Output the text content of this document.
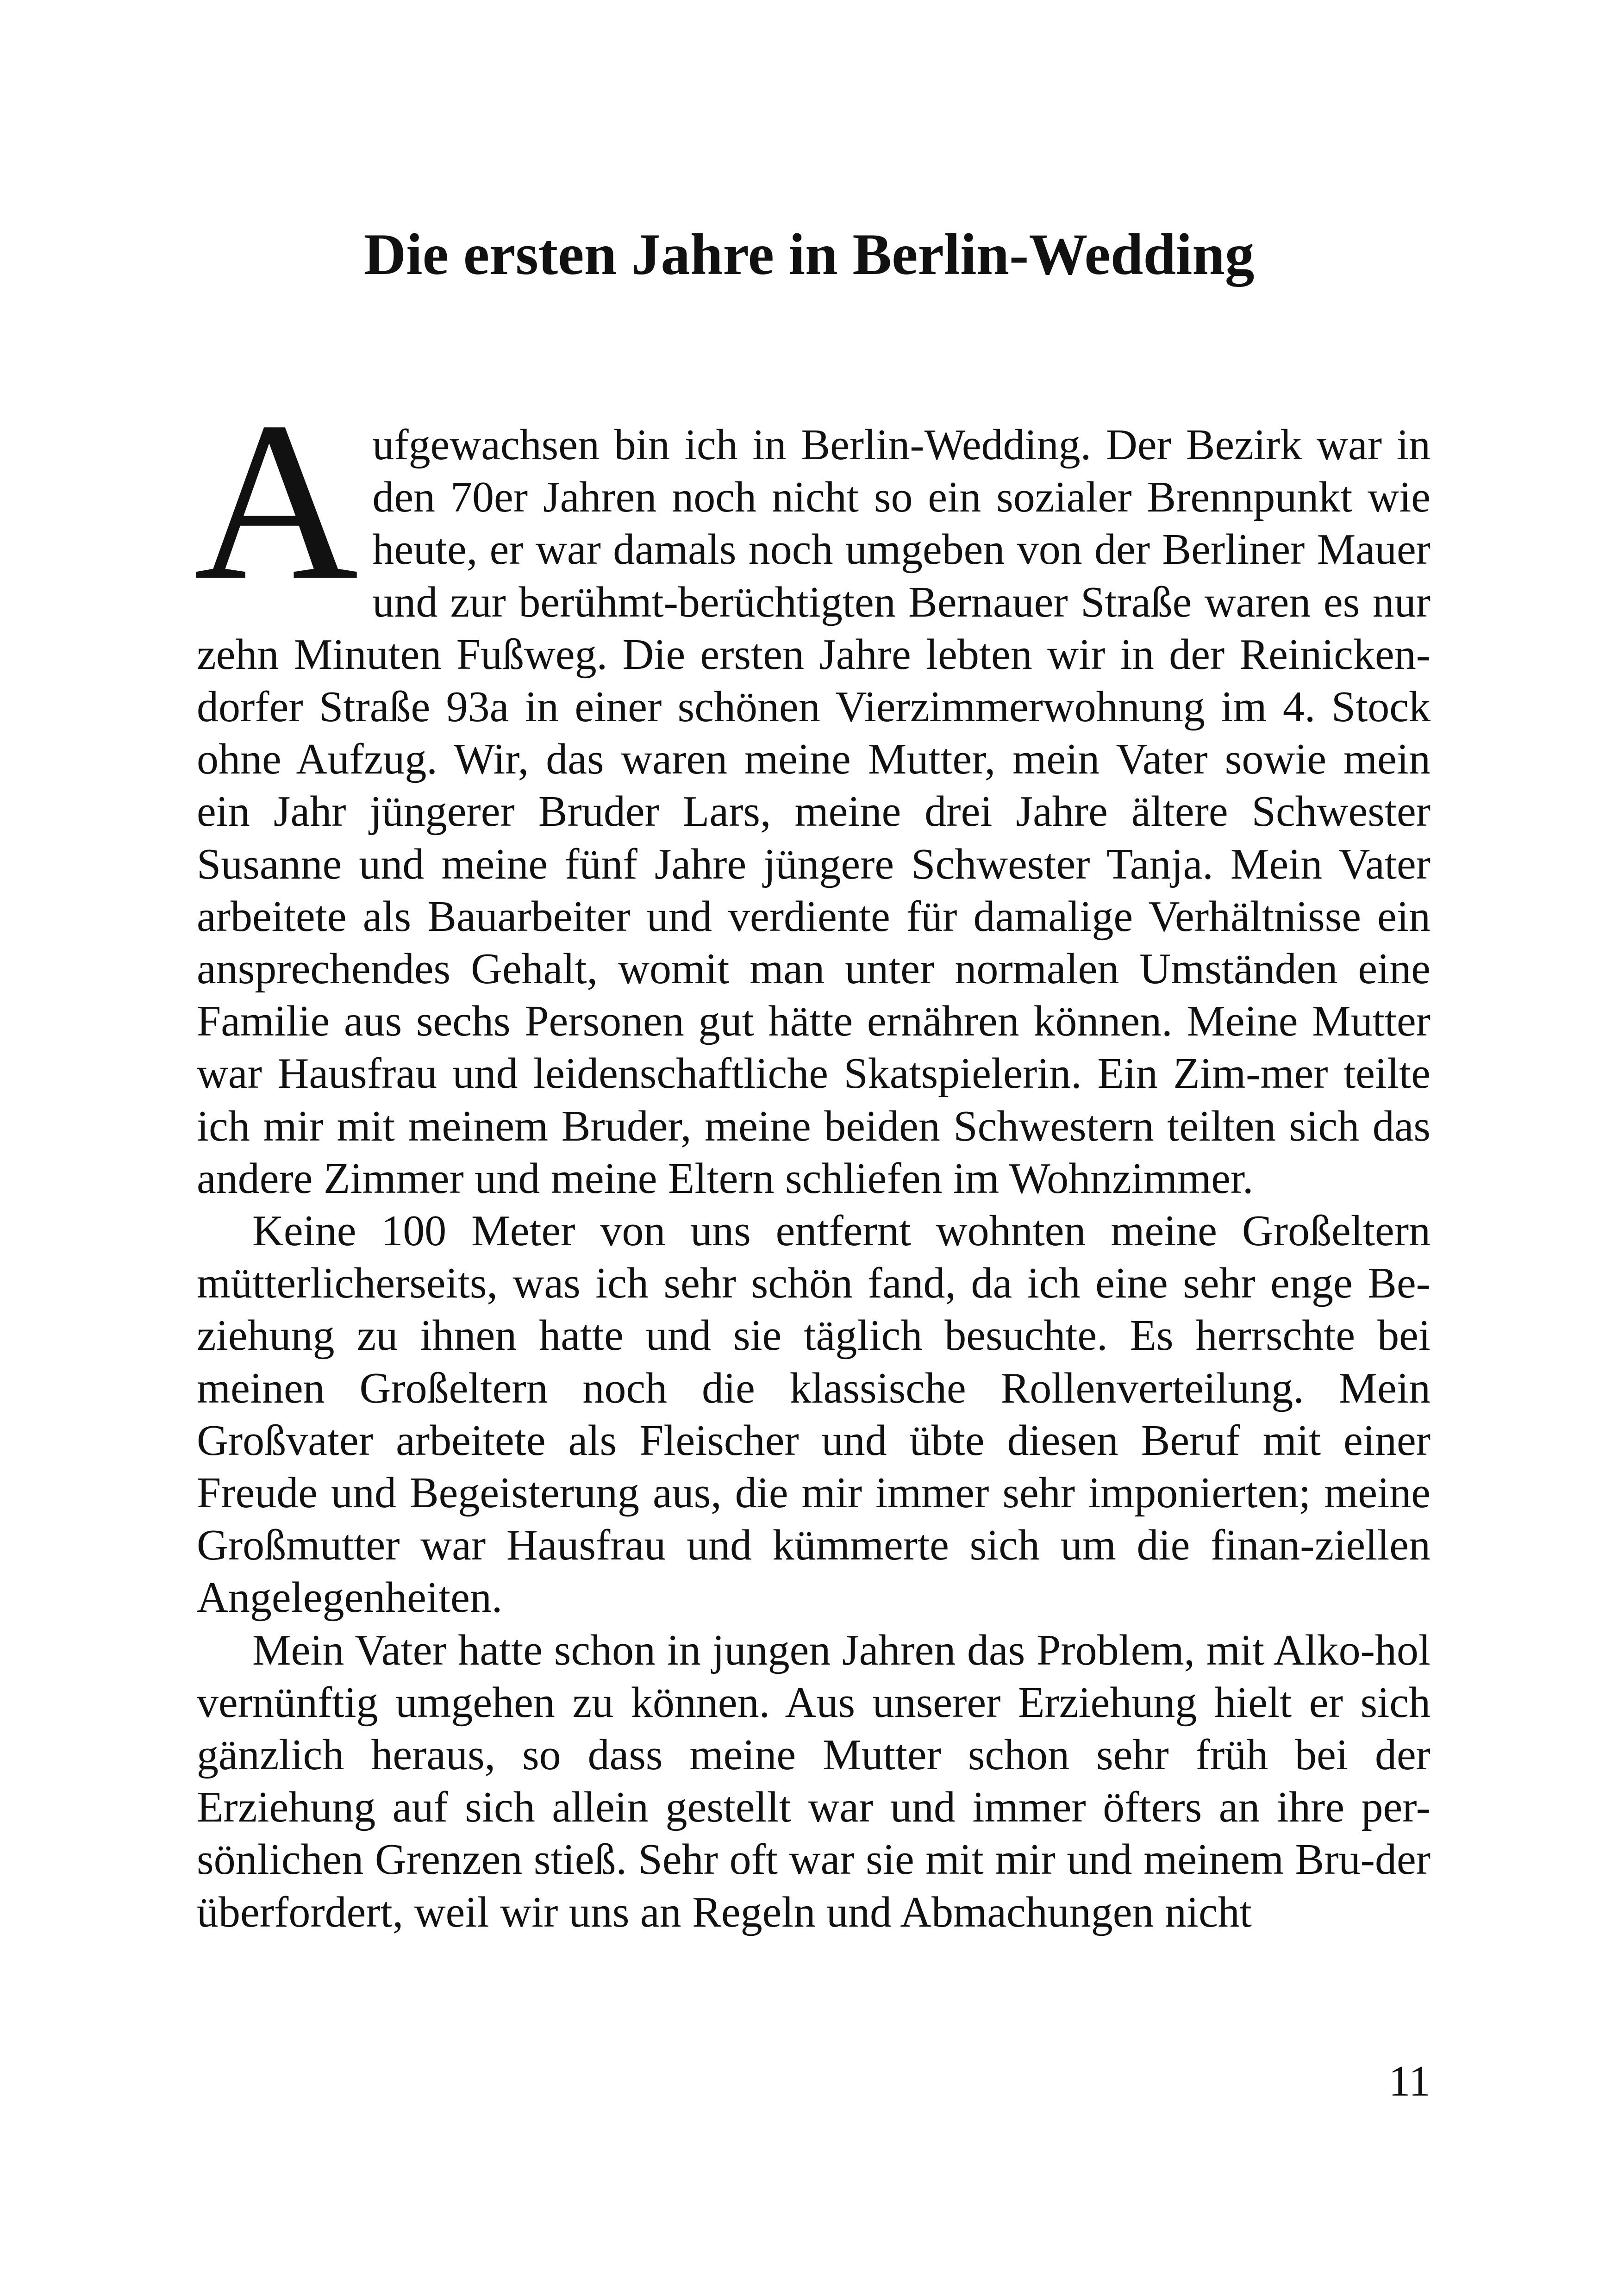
Die ersten Jahre in Berlin-Wedding

Aufgewachsen bin ich in Berlin-Wedding. Der Bezirk war in den 70er Jahren noch nicht so ein sozialer Brennpunkt wie heute, er war damals noch umgeben von der Berliner Mauer und zur berühmt-berüchtigten Bernauer Straße waren es nur zehn Minuten Fußweg. Die ersten Jahre lebten wir in der Reinicken-dorfer Straße 93a in einer schönen Vierzimmerwohnung im 4. Stock ohne Aufzug. Wir, das waren meine Mutter, mein Vater sowie mein ein Jahr jüngerer Bruder Lars, meine drei Jahre ältere Schwester Susanne und meine fünf Jahre jüngere Schwester Tanja. Mein Vater arbeitete als Bauarbeiter und verdiente für damalige Verhältnisse ein ansprechendes Gehalt, womit man unter normalen Umständen eine Familie aus sechs Personen gut hätte ernähren können. Meine Mutter war Hausfrau und leidenschaftliche Skatspielerin. Ein Zim-mer teilte ich mir mit meinem Bruder, meine beiden Schwestern teilten sich das andere Zimmer und meine Eltern schliefen im Wohnzimmer.

Keine 100 Meter von uns entfernt wohnten meine Großeltern mütterlicherseits, was ich sehr schön fand, da ich eine sehr enge Be-ziehung zu ihnen hatte und sie täglich besuchte. Es herrschte bei meinen Großeltern noch die klassische Rollenverteilung. Mein Großvater arbeitete als Fleischer und übte diesen Beruf mit einer Freude und Begeisterung aus, die mir immer sehr imponierten; meine Großmutter war Hausfrau und kümmerte sich um die finan-ziellen Angelegenheiten.

Mein Vater hatte schon in jungen Jahren das Problem, mit Alko-hol vernünftig umgehen zu können. Aus unserer Erziehung hielt er sich gänzlich heraus, so dass meine Mutter schon sehr früh bei der Erziehung auf sich allein gestellt war und immer öfters an ihre per-sönlichen Grenzen stieß. Sehr oft war sie mit mir und meinem Bru-der überfordert, weil wir uns an Regeln und Abmachungen nicht

11
